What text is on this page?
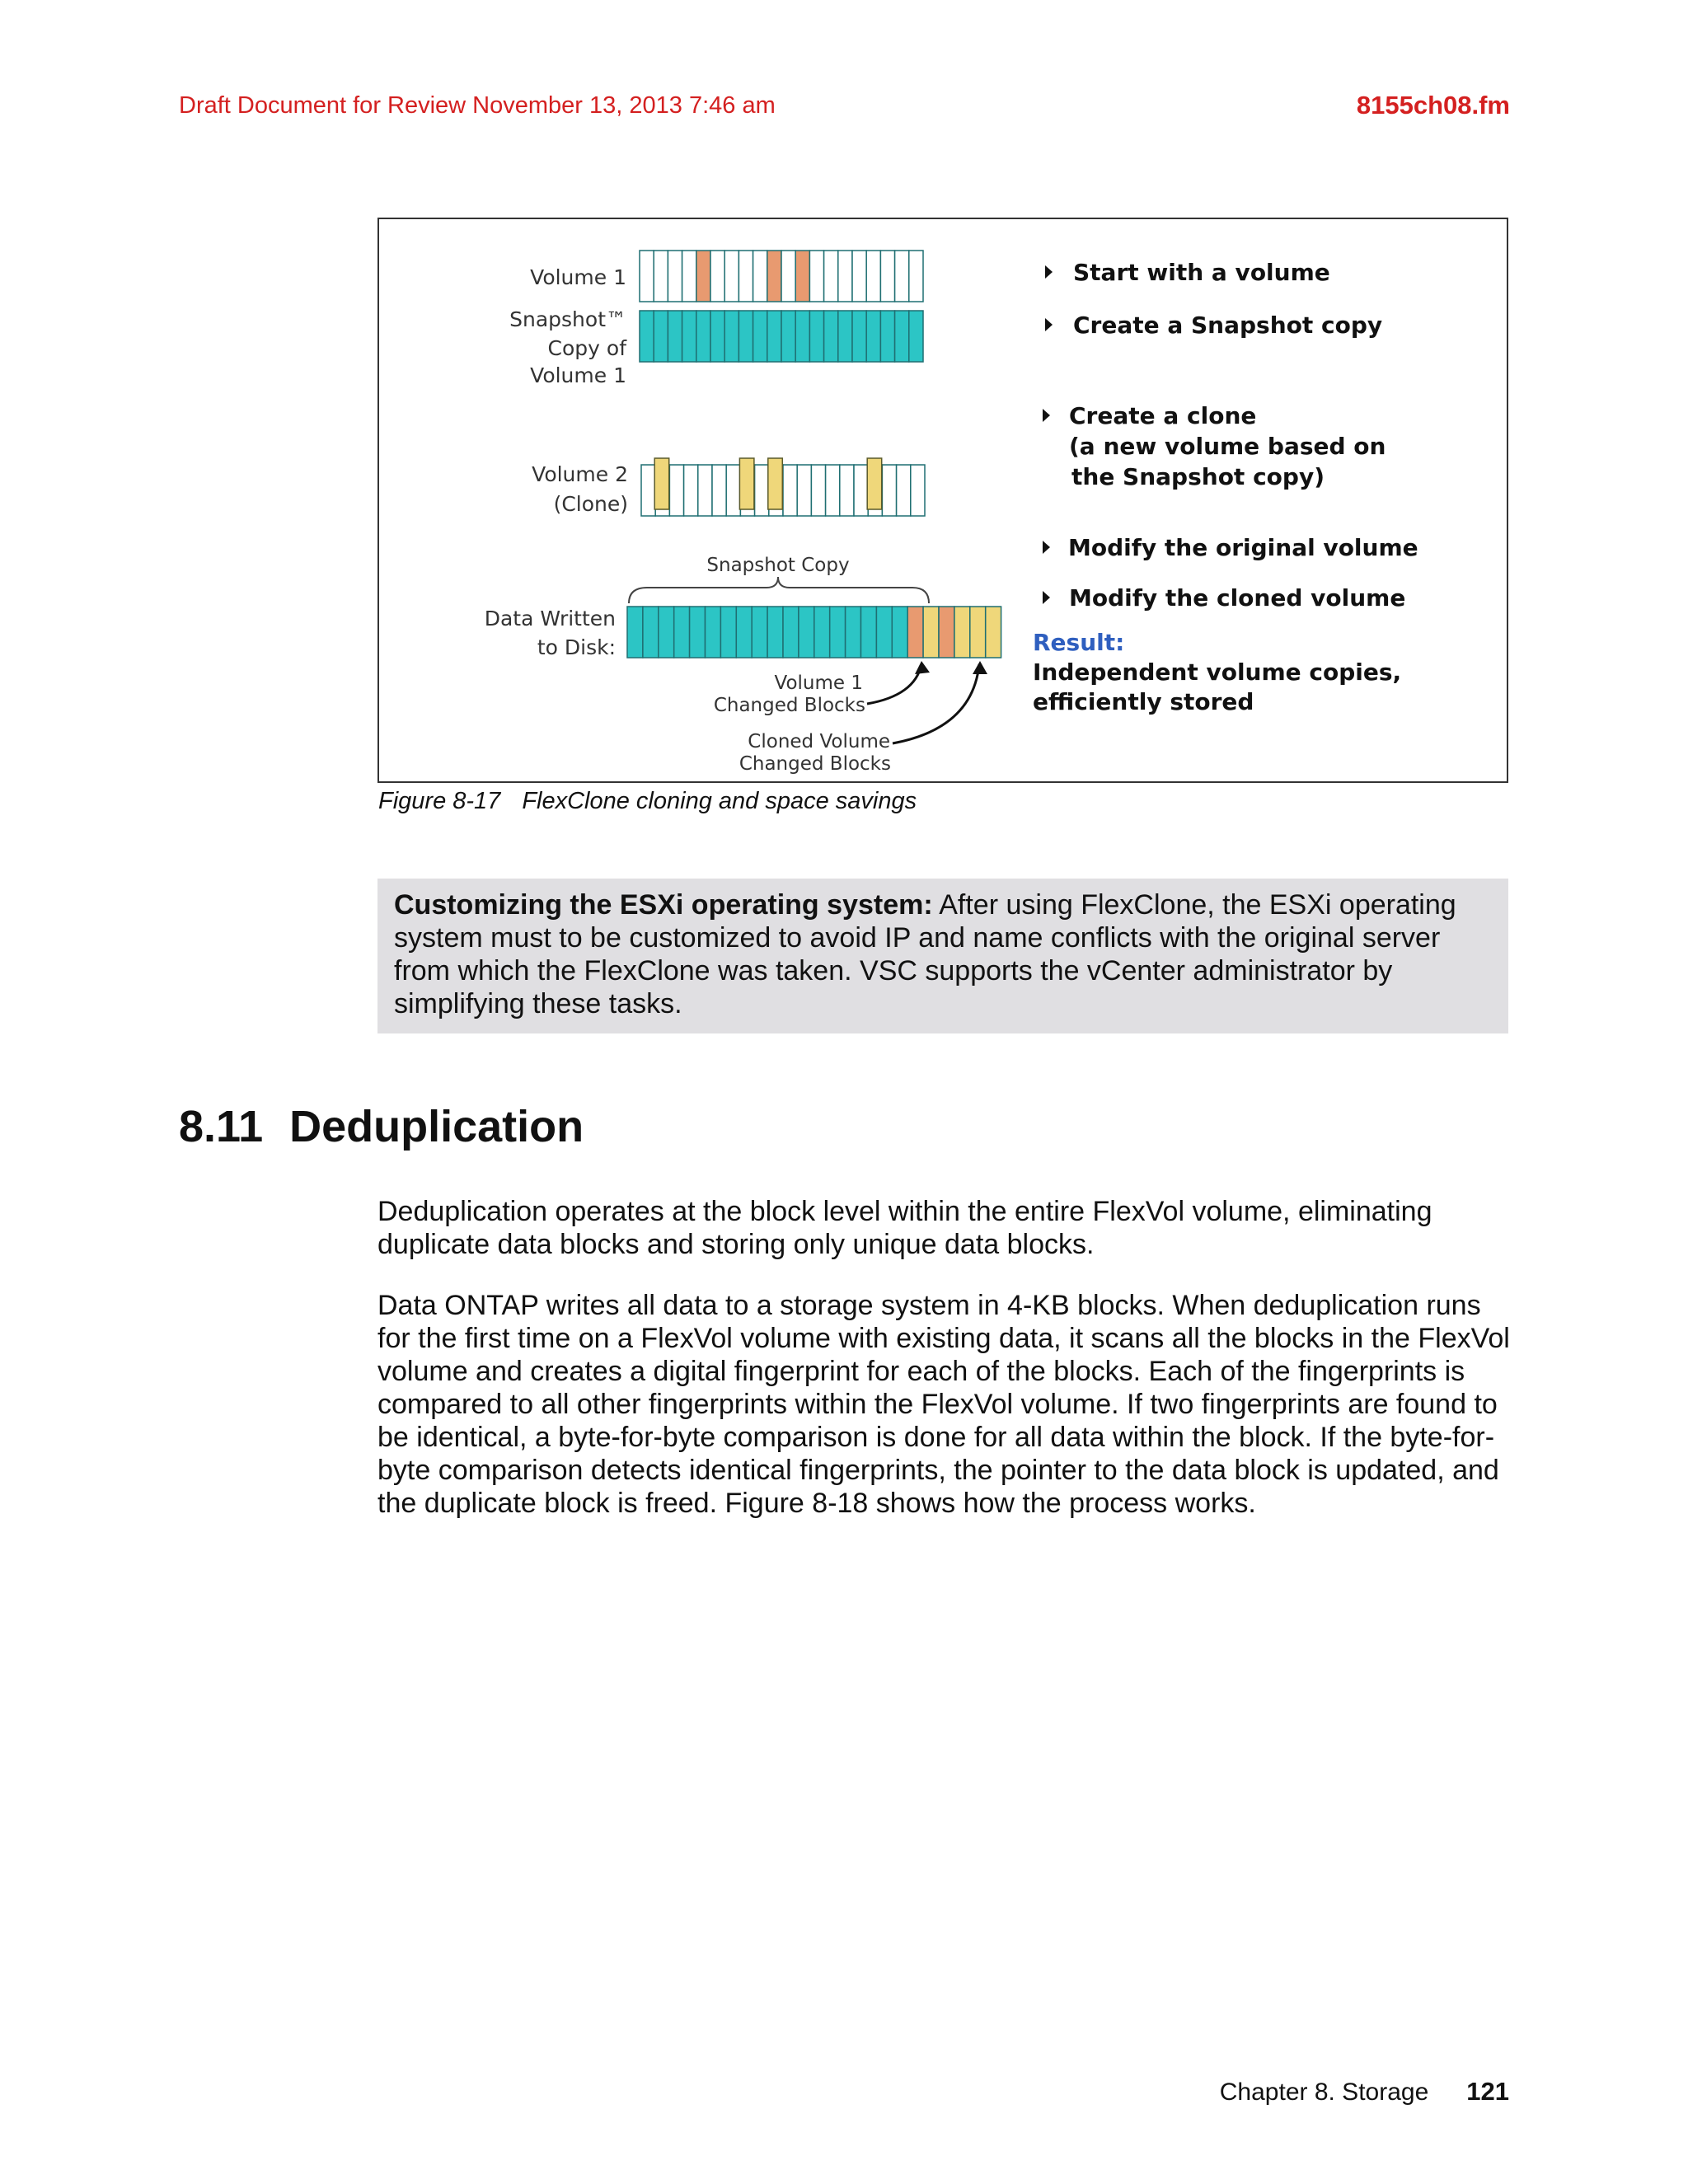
Draft Document for Review November 13, 2013 7:46 am	8155ch08.fm
Volume 1
Snapshot™
Copy of
Volume 1
Volume 2
(Clone)
Data Written
to Disk:
Snapshot Copy
Volume 1
Changed Blocks
Cloned Volume
Changed Blocks
Start with a volume
Create a Snapshot copy
Create a clone
(a new volume based on
the Snapshot copy)
Modify the original volume
Modify the cloned volume
Result:
Independent volume copies,
efficiently stored
Figure 8-17 FlexClone cloning and space savings
Customizing the ESXi operating system: After using FlexClone, the ESXi operating system must to be customized to avoid IP and name conflicts with the original server from which the FlexClone was taken. VSC supports the vCenter administrator by simplifying these tasks.
8.11 Deduplication

Deduplication operates at the block level within the entire FlexVol volume, eliminating duplicate data blocks and storing only unique data blocks.

Data ONTAP writes all data to a storage system in 4-KB blocks. When deduplication runs for the first time on a FlexVol volume with existing data, it scans all the blocks in the FlexVol volume and creates a digital fingerprint for each of the blocks. Each of the fingerprints is compared to all other fingerprints within the FlexVol volume. If two fingerprints are found to be identical, a byte-for-byte comparison is done for all data within the block. If the byte-for-byte comparison detects identical fingerprints, the pointer to the data block is updated, and the duplicate block is freed. Figure 8-18 shows how the process works.

Chapter 8. Storage 121
